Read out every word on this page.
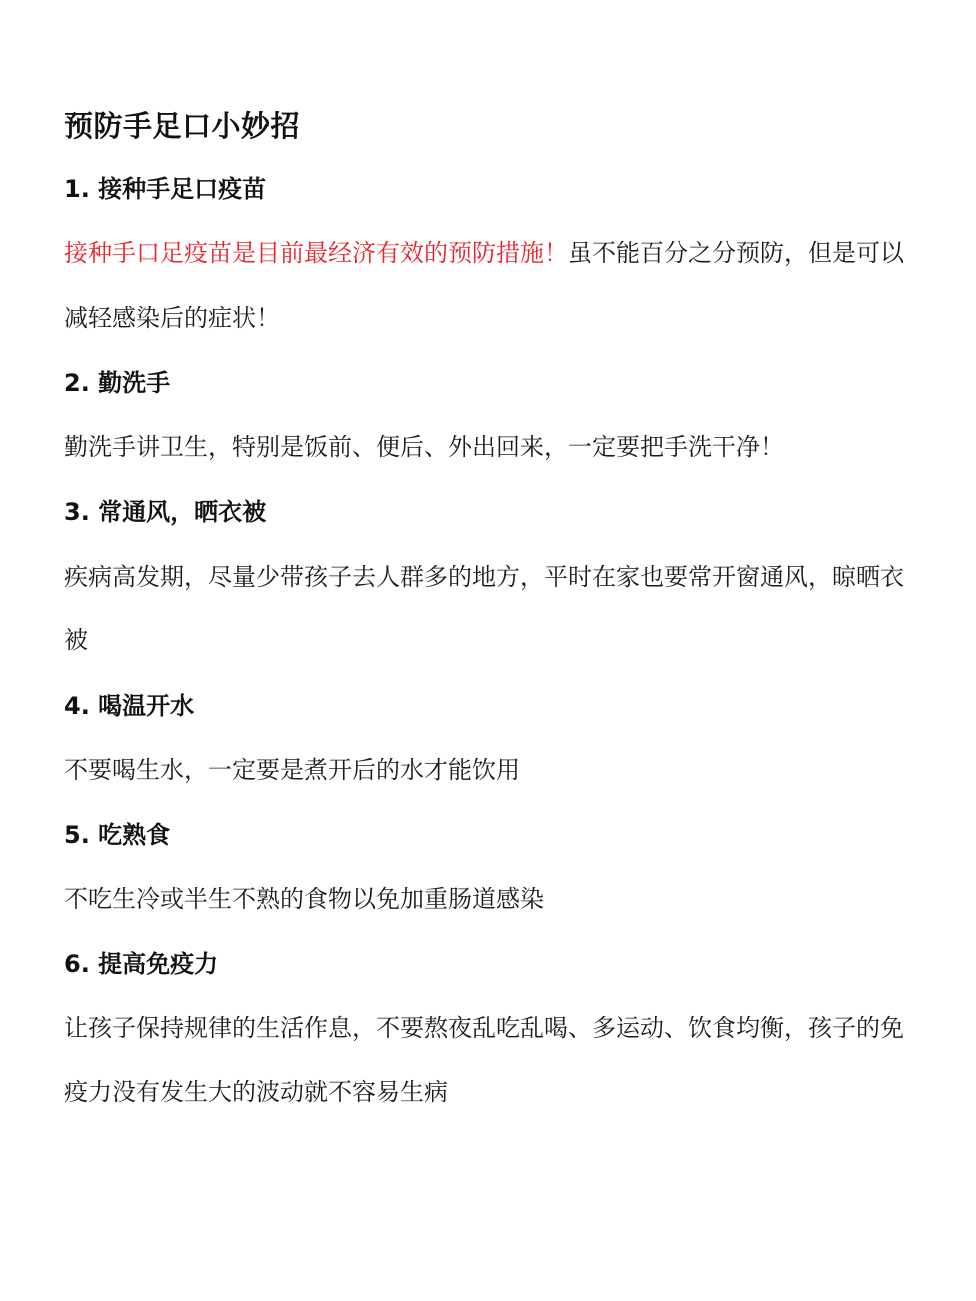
预防手足口小妙招
1. 接种手足口疫苗
接种手口足疫苗是目前最经济有效的预防措施！虽不能百分之分预防，但是可以
减轻感染后的症状！
2. 勤洗手
勤洗手讲卫生，特别是饭前、便后、外出回来，一定要把手洗干净！
3. 常通风，晒衣被
疾病高发期，尽量少带孩子去人群多的地方，平时在家也要常开窗通风，晾晒衣
被
4. 喝温开水
不要喝生水，一定要是煮开后的水才能饮用
5. 吃熟食
不吃生冷或半生不熟的食物以免加重肠道感染
6. 提高免疫力
让孩子保持规律的生活作息，不要熬夜乱吃乱喝、多运动、饮食均衡，孩子的免
疫力没有发生大的波动就不容易生病
